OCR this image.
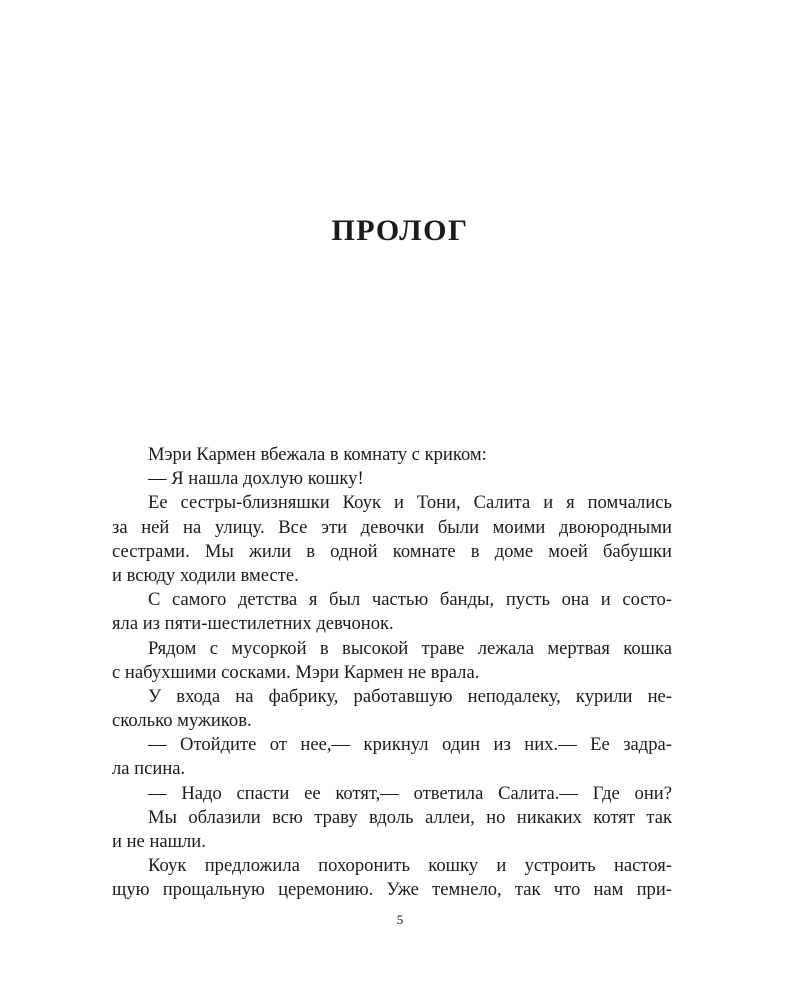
ПРОЛОГ
Мэри Кармен вбежала в комнату с криком:
— Я нашла дохлую кошку!
Ее сестры-близняшки Коук и Тони, Салита и я помчались
за ней на улицу. Все эти девочки были моими двоюродными
сестрами. Мы жили в одной комнате в доме моей бабушки
и всюду ходили вместе.
С самого детства я был частью банды, пусть она и состо-
яла из пяти-шестилетних девчонок.
Рядом с мусоркой в высокой траве лежала мертвая кошка
с набухшими сосками. Мэри Кармен не врала.
У входа на фабрику, работавшую неподалеку, курили не-
сколько мужиков.
— Отойдите от нее,— крикнул один из них.— Ее задра-
ла псина.
— Надо спасти ее котят,— ответила Салита.— Где они?
Мы облазили всю траву вдоль аллеи, но никаких котят так
и не нашли.
Коук предложила похоронить кошку и устроить настоя-
щую прощальную церемонию. Уже темнело, так что нам при-
5
